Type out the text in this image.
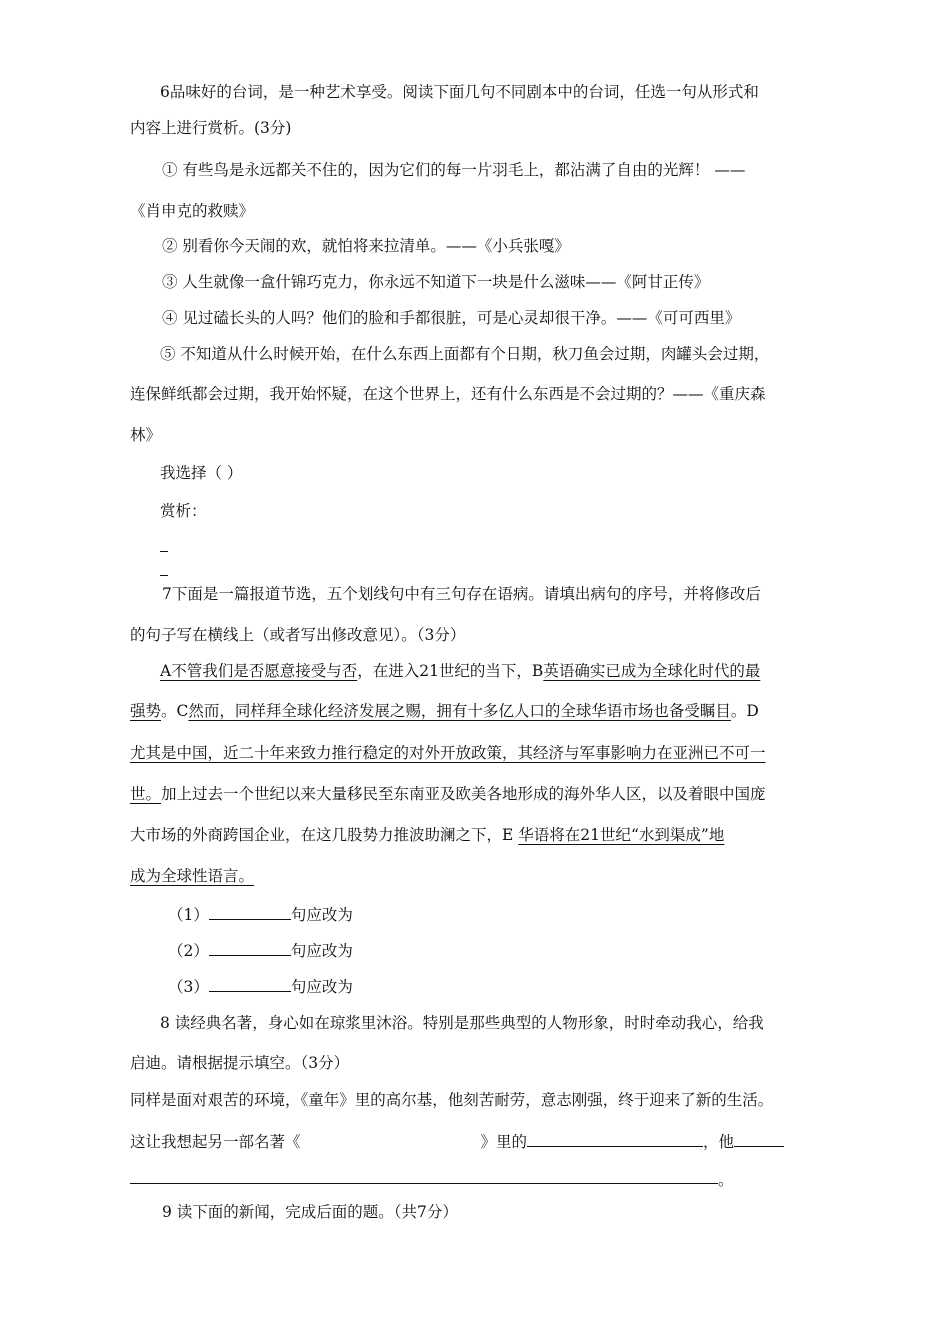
6品味好的台词，是一种艺术享受。阅读下面几句不同剧本中的台词，任选一句从形式和
内容上进行赏析。(3分)
① 有些鸟是永远都关不住的，因为它们的每一片羽毛上，都沾满了自由的光辉！ ——
《肖申克的救赎》
② 别看你今天闹的欢，就怕将来拉清单。——《小兵张嘎》
③ 人生就像一盒什锦巧克力，你永远不知道下一块是什么滋味——《阿甘正传》
④ 见过磕长头的人吗？他们的脸和手都很脏，可是心灵却很干净。——《可可西里》
⑤ 不知道从什么时候开始，在什么东西上面都有个日期，秋刀鱼会过期，肉罐头会过期，
连保鲜纸都会过期，我开始怀疑，在这个世界上，还有什么东西是不会过期的？——《重庆森
林》
我选择（ ）
赏析：
7下面是一篇报道节选，五个划线句中有三句存在语病。请填出病句的序号，并将修改后
的句子写在横线上（或者写出修改意见）。（3分）
A不管我们是否愿意接受与否，在进入21世纪的当下，B英语确实已成为全球化时代的最
强势。C然而，同样拜全球化经济发展之赐，拥有十多亿人口的全球华语市场也备受瞩目。D
尤其是中国，近二十年来致力推行稳定的对外开放政策，其经济与军事影响力在亚洲已不可一
世。加上过去一个世纪以来大量移民至东南亚及欧美各地形成的海外华人区，以及着眼中国庞
大市场的外商跨国企业，在这几股势力推波助澜之下，E 华语将在21世纪“水到渠成”地
成为全球性语言。
（1）	句应改为
（2）	句应改为
（3）	句应改为
8 读经典名著，身心如在琼浆里沐浴。特别是那些典型的人物形象，时时牵动我心，给我
启迪。请根据提示填空。（3分）
同样是面对艰苦的环境，《童年》里的高尔基，他刻苦耐劳，意志刚强，终于迎来了新的生活。
这让我想起另一部名著《	》里的	，他
。
9 读下面的新闻，完成后面的题。（共7分）
